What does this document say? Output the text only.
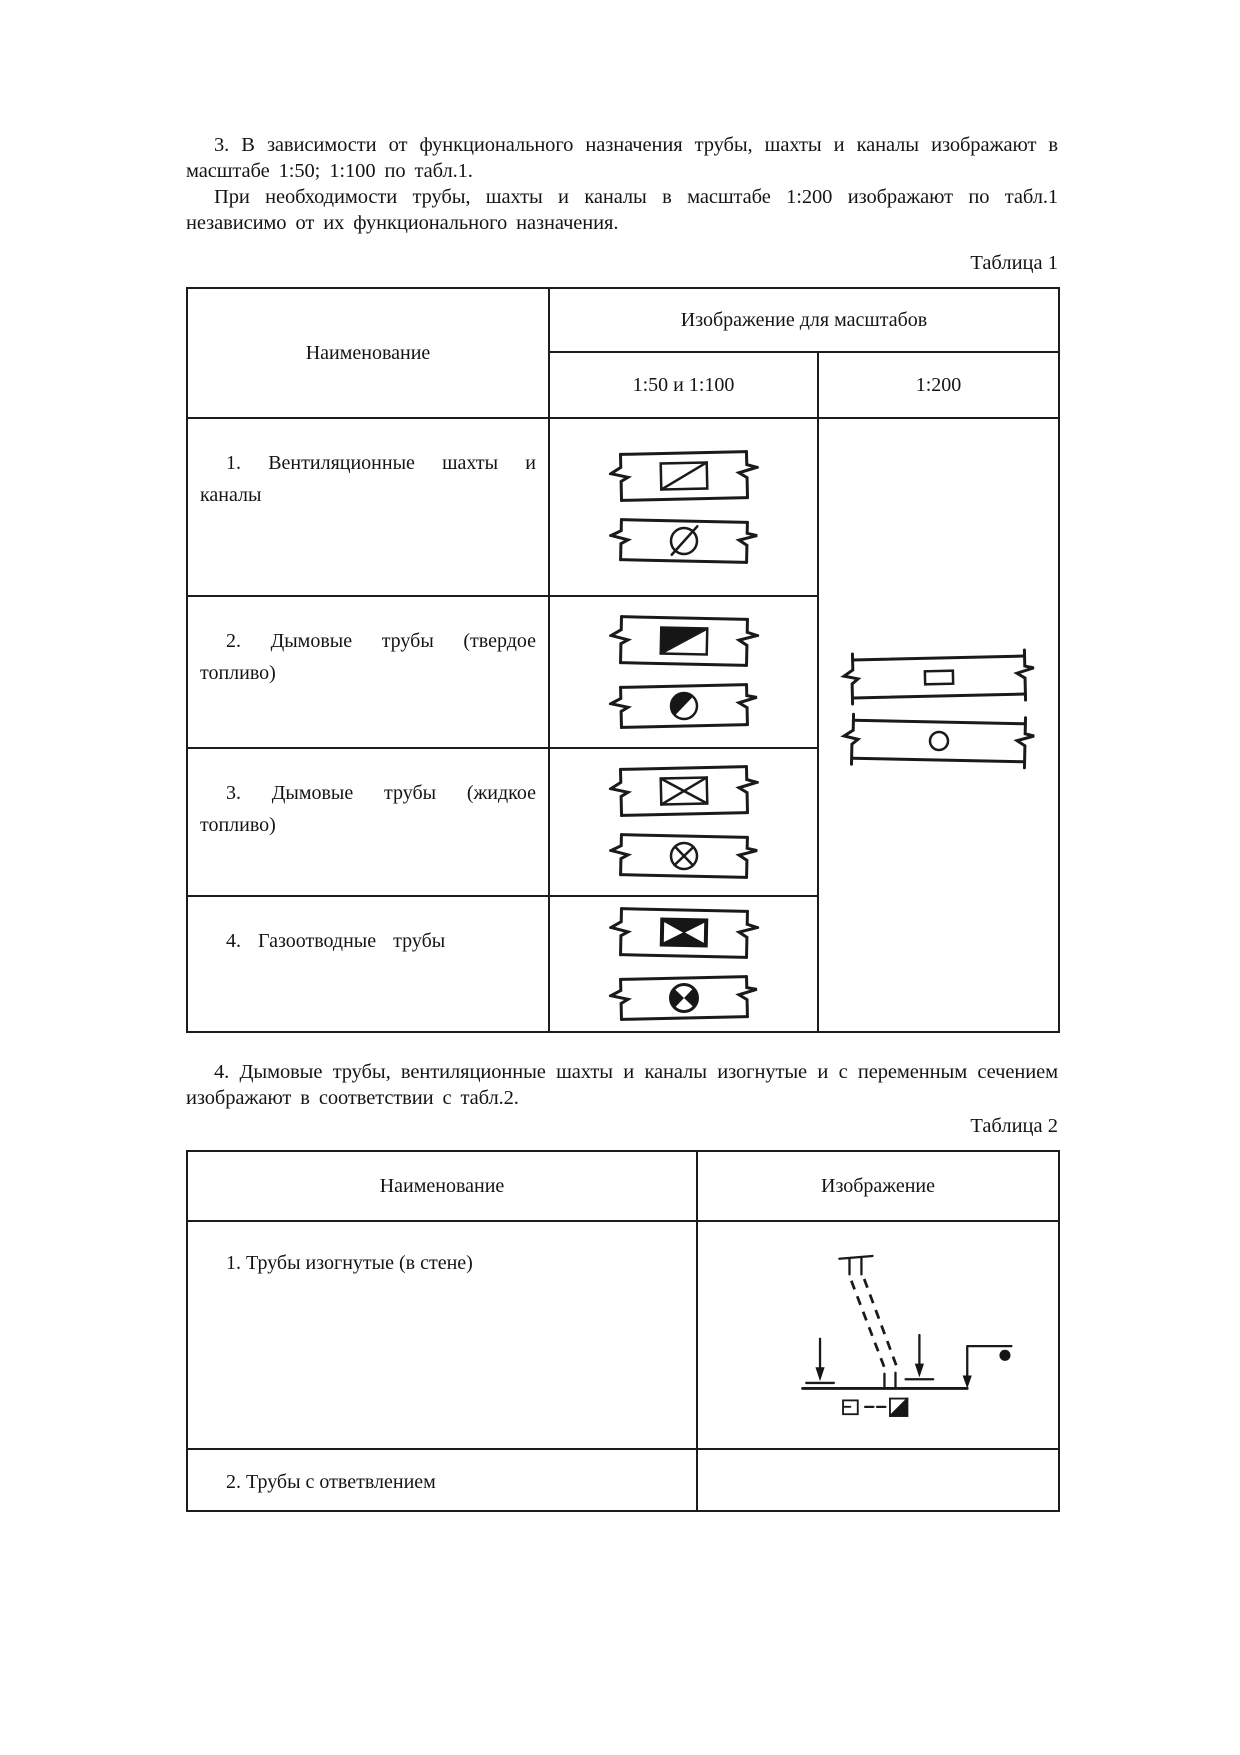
3. В зависимости от функционального назначения трубы, шахты и каналы изображают в масштабе 1:50; 1:100 по табл.1.

При необходимости трубы, шахты и каналы в масштабе 1:200 изображают по табл.1 независимо от их функционального назначения.

Таблица 1
Наименование	Изображение для масштабов	
	1:50 и 1:100	1:200
1. Вентиляционные шахты и каналы	

2. Дымовые трубы (твердое топливо)	

3. Дымовые трубы (жидкое топливо)	

4. Газоотводные трубы	

4. Дымовые трубы, вентиляционные шахты и каналы изогнутые и с переменным сечением изображают в соответствии с табл.2.

Таблица 2
Наименование	Изображение
1. Трубы изогнутые (в стене)	
2. Трубы с ответвлением	
